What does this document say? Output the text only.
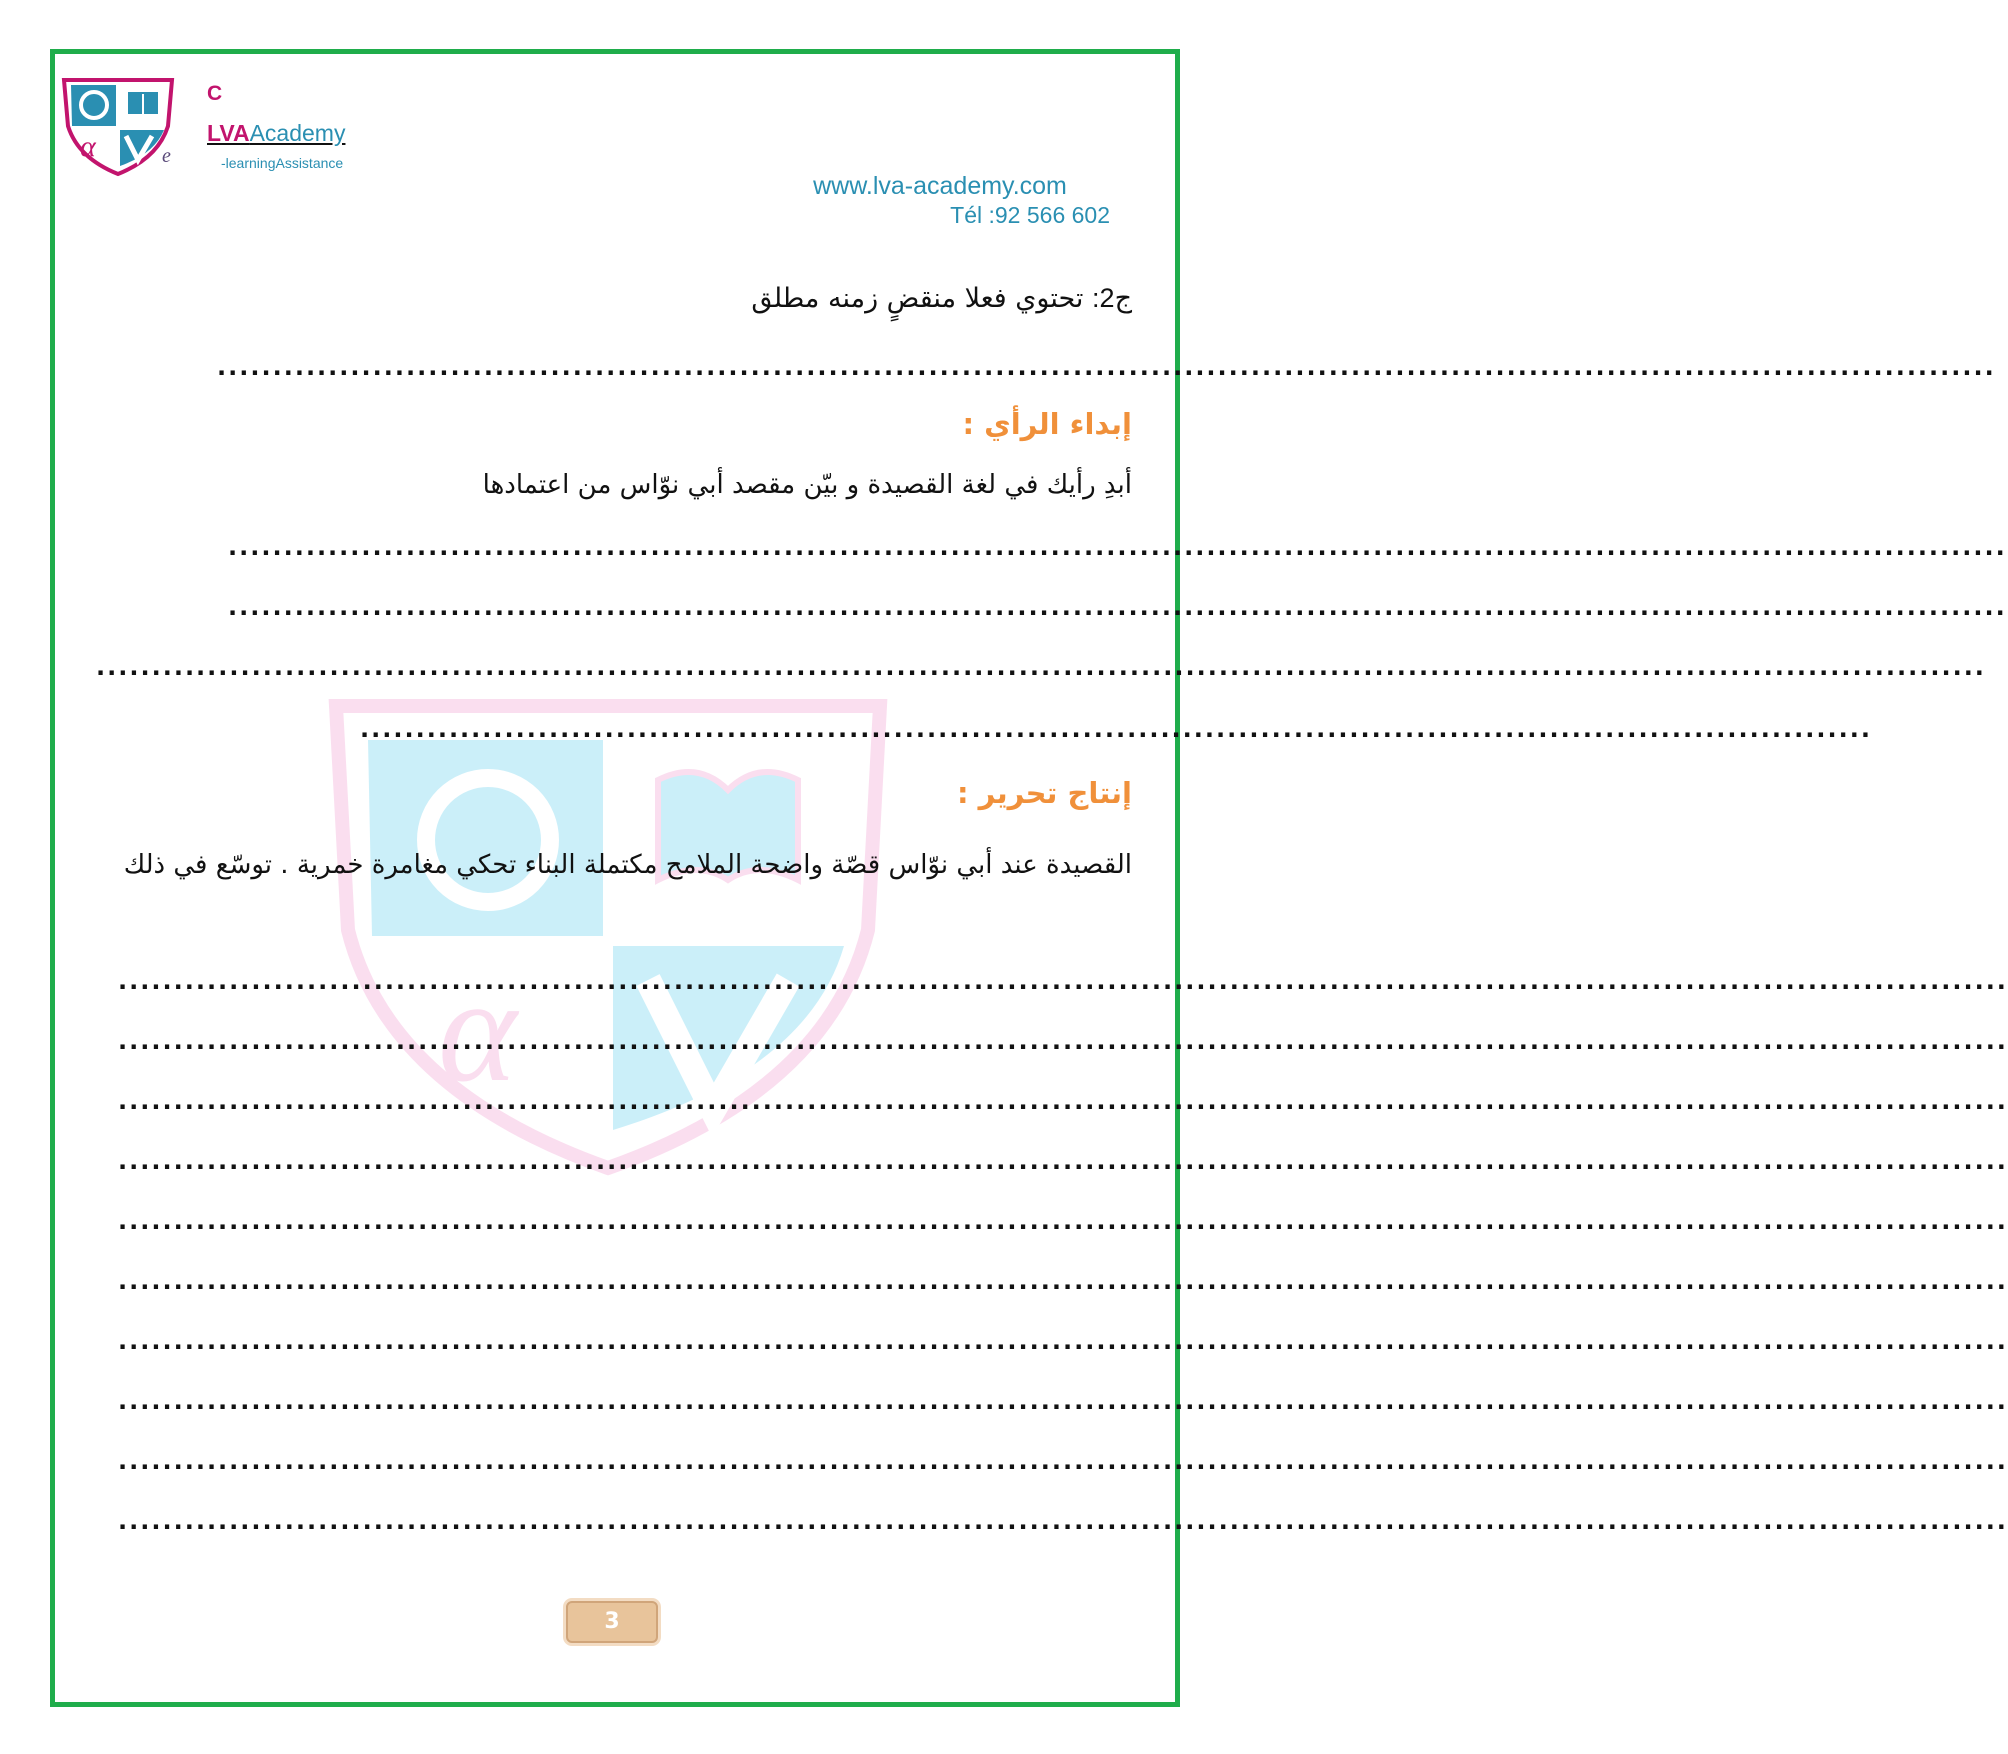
α
C
e
LVAAcademy
-learningAssistance
www.lva-academy.com
Tél :92 566 602
α
ج2: تحتوي فعلا منقضٍ زمنه مطلق
................................................................................................................................................................
إبداء الرأي :
أبدِ رأيك في لغة القصيدة و بيّن مقصد أبي نوّاس من اعتمادها
................................................................................................................................................................
................................................................................................................................................................
..........................................................................................................................................................................
........................................................................................................................................
إنتاج تحرير :
القصيدة عند أبي نوّاس قصّة واضحة الملامح مكتملة البناء تحكي مغامرة خمرية . توسّع في ذلك
..........................................................................................................................................................................
..........................................................................................................................................................................
..........................................................................................................................................................................
..........................................................................................................................................................................
..........................................................................................................................................................................
..........................................................................................................................................................................
..........................................................................................................................................................................
..........................................................................................................................................................................
..........................................................................................................................................................................
..........................................................................................................................................................................
3
